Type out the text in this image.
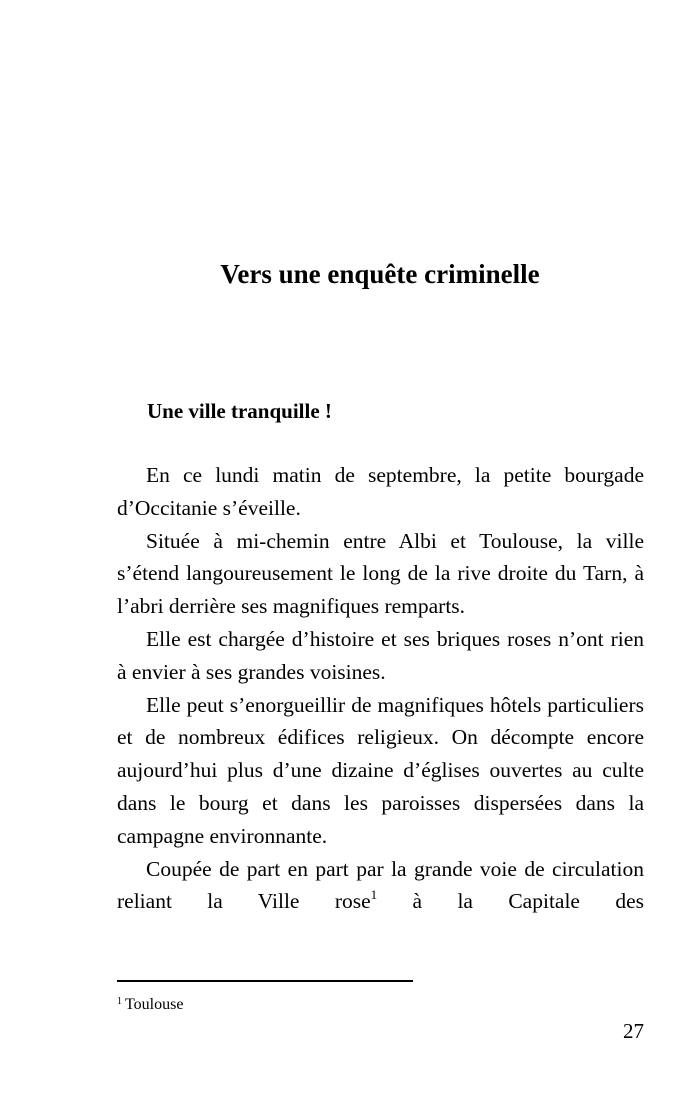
Vers une enquête criminelle
Une ville tranquille !

En ce lundi matin de septembre, la petite bourgade d’Occitanie s’éveille.

Située à mi-chemin entre Albi et Toulouse, la ville s’étend langoureusement le long de la rive droite du Tarn, à l’abri derrière ses magnifiques remparts.

Elle est chargée d’histoire et ses briques roses n’ont rien à envier à ses grandes voisines.

Elle peut s’enorgueillir de magnifiques hôtels particuliers et de nombreux édifices religieux. On décompte encore aujourd’hui plus d’une dizaine d’églises ouvertes au culte dans le bourg et dans les paroisses dispersées dans la campagne environnante.

Coupée de part en part par la grande voie de circulation reliant la Ville rose$^1$ à la Capitale des

$^1$ Toulouse
27
